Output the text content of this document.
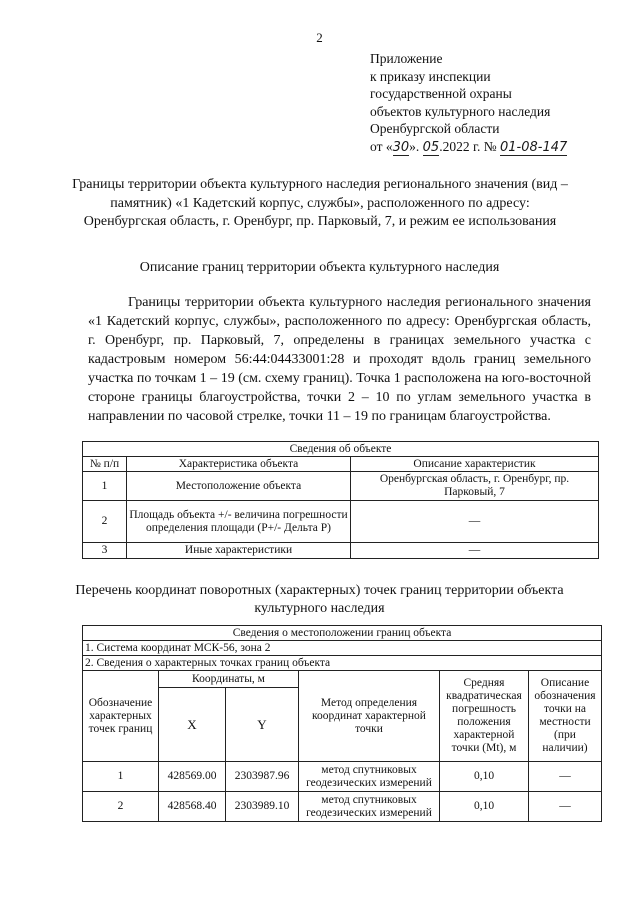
2
Приложение
к приказу инспекции
государственной охраны
объектов культурного наследия
Оренбургской области
от «30». 05.2022 г. № 01-08-147
Границы территории объекта культурного наследия регионального значения (вид – памятник) «1 Кадетский корпус, службы», расположенного по адресу: Оренбургская область, г. Оренбург, пр. Парковый, 7, и режим ее использования
Описание границ территории объекта культурного наследия
Границы территории объекта культурного наследия регионального значения «1 Кадетский корпус, службы», расположенного по адресу: Оренбургская область, г. Оренбург, пр. Парковый, 7, определены в границах земельного участка с кадастровым номером 56:44:04433001:28 и проходят вдоль границ земельного участка по точкам 1 – 19 (см. схему границ). Точка 1 расположена на юго-восточной стороне границы благоустройства, точки 2 – 10 по углам земельного участка в направлении по часовой стрелке, точки 11 – 19 по границам благоустройства.
Сведения об объекте		
№ п/п	Характеристика объекта	Описание характеристик
1	Местоположение объекта	Оренбургская область, г. Оренбург, пр. Парковый, 7
2	Площадь объекта +/- величина погрешности определения площади (Р+/- Дельта Р)	—
3	Иные характеристики	—
Перечень координат поворотных (характерных) точек границ территории объекта культурного наследия
Сведения о местоположении границ объекта					
1. Система координат МСК-56, зона 2					
2. Сведения о характерных точках границ объекта					
Обозначение характерных точек границ	Координаты, м		Метод определения координат характерной точки	Средняя квадратическая погрешность положения характерной точки (Mt), м	Описание обозначения точки на местности (при наличии)
	X	Y			
1	428569.00	2303987.96	метод спутниковых геодезических измерений	0,10	—
2	428568.40	2303989.10	метод спутниковых геодезических измерений	0,10	—
